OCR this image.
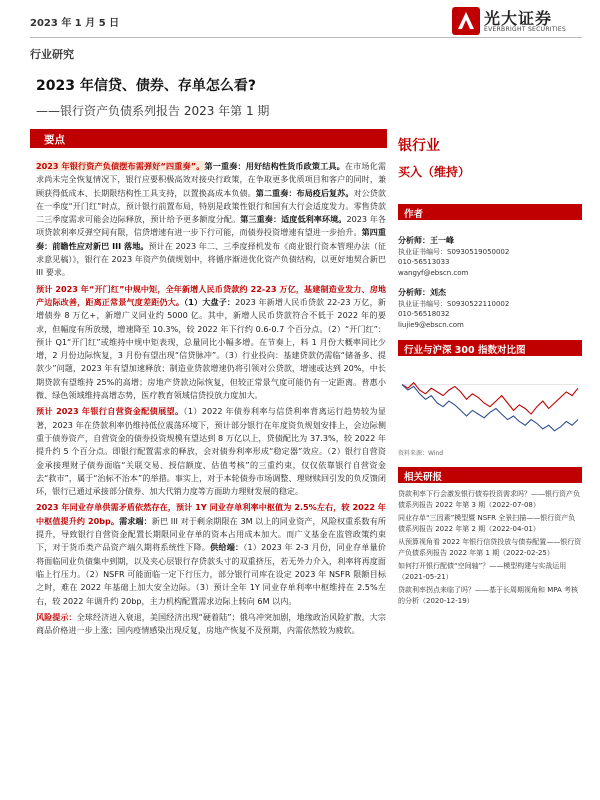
2023 年 1 月 5 日	光大证券
EVERBRIGHT SECURITIES
行业研究
2023 年信贷、债券、存单怎么看?
——银行资产负债系列报告 2023 年第 1 期
要点

2023 年银行资产负债摆布需弹好“四重奏”。第一重奏：用好结构性货币政策工具。在市场化需求尚未完全恢复情况下，银行应要积极高效对接央行政策，在争取更多优质项目和客户的同时，兼顾获得低成本、长期限结构性工具支持，以置换高成本负债。第二重奏：布局疫后复苏。对公贷款在一季度“开门红”时点，预计银行前置布局，特别是政策性银行和国有大行会适度发力。零售贷款二三季度需求可能会边际释放，预计给予更多额度分配。第三重奏：适度低利率环境。2023 年各项贷款利率反弹空间有限，信贷增速有进一步下行可能，而债券投资增速有望进一步抬升。第四重奏：前瞻性应对新巴 III 落地。预计在 2023 年二、三季度择机发布《商业银行资本管理办法（征求意见稿）》，银行在 2023 年资产负债规划中，将循序渐进优化资产负债结构，以更好地契合新巴 III 要求。

预计 2023 年“开门红”中规中矩，全年新增人民币贷款约 22-23 万亿，基建制造业发力、房地产边际改善，距离正常景气度差距仍大。（1）大盘子：2023 年新增人民币贷款 22-23 万亿，新增债券 8 万亿+，新增广义同业约 5000 亿。其中，新增人民币贷款符合不低于 2022 年的要求，但幅度有所放缓，增速降至 10.3%，较 2022 年下行约 0.6-0.7 个百分点。（2）“开门红”：预计 Q1“开门红”或维持中规中矩表现，总量同比小幅多增。在节奏上，料 1 月份大概率同比少增，2 月份边际恢复，3 月份有望出现“信贷脉冲”。（3）行业投向：基建贷款仍需临“储备多、提款少”问题，2023 年有望加速释放；制造业贷款增速仍将引领对公贷款，增速或达到 20%，中长期贷款有望维持 25%的高增；房地产贷款边际恢复，但较正常景气度可能仍有一定距离。普惠小微、绿色领域维持高增态势，医疗教育领域信贷投放力度加大。

预计 2023 年银行自营资金配债展望。（1）2022 年债券利率与信贷利率背离运行趋势较为显著，2023 年在贷款利率仍维持低位震荡环境下，预计部分银行在年度资负规划安排上，会边际侧重于债券资产，自营资金的债券投资规模有望达到 8 万亿以上，贷债配比为 37.3%，较 2022 年提升约 5 个百分点。即银行配置需求的释放，会对债券利率形成“稳定器”效应。（2）银行自营资金承接理财子债券面临“关联交易、授信额度、估值考核”的三重约束，仅仅依靠银行自营资金去“救市”，属于“治标不治本”的举措。事实上，对于本轮债券市场调整、理财赎回引发的负反馈闭环，银行已通过承接部分债券、加大代销力度等方面助力理财发展的稳定。

2023 年同业存单供需矛盾依然存在，预计 1Y 同业存单利率中枢值为 2.5%左右，较 2022 年中枢值提升约 20bp。需求端：新巴 III 对于剩余期限在 3M 以上的同业资产，风险权重系数有所提升，导致银行自营资金配置长期限同业存单的资本占用成本加大。而广义基金在监管政策约束下，对于货币类产品资产端久期将系统性下降。供给端：（1）2023 年 2-3 月份，同业存单量价将面临同业负债集中到期，以及夹心层银行存贷款头寸的双重挤压，若无外力介入，利率将再度面临上行压力。（2）NSFR 可能面临一定下行压力，部分银行司库在设定 2023 年 NSFR 限额目标之时，难在 2022 年基础上加大安全边际。（3）预计全年 1Y 同业存单利率中枢维持在 2.5%左右，较 2022 年调升约 20bp，主力机构配置需求边际上转向 6M 以内。

风险提示：全球经济进入衰退，美国经济出现“硬着陆”；俄乌冲突加剧，地缘政治风险扩散，大宗商品价格进一步上涨；国内疫情感染出现反复，房地产恢复不及预期，内需依然较为疲软。

银行业
买入（维持）
作者
分析师：王一峰
执业证书编号：S0930519050002
010-56513033
wangyf@ebscn.com
分析师：刘杰
执业证书编号：S0930522110002
010-56518032
liujie9@ebscn.com
行业与沪深 300 指数对比图
资料来源：Wind
相关研报
贷款利率下行会激发银行债券投资需求吗？——银行资产负债系列报告 2022 年第 3 期（2022-07-08）
同业存单“三因素”模型暨 NSFR 全景扫描——银行资产负债系列报告 2022 年第 2 期（2022-04-01）
从预算视角看 2022 年银行信贷投放与债券配置——银行资产负债系列报告 2022 年第 1 期（2022-02-25）
如何打开银行配债“空间轴”？——模型构建与实战运用（2021-05-21）
贷款利率拐点来临了吗？——基于长周期视角和 MPA 考核的分析（2020-12-19）
